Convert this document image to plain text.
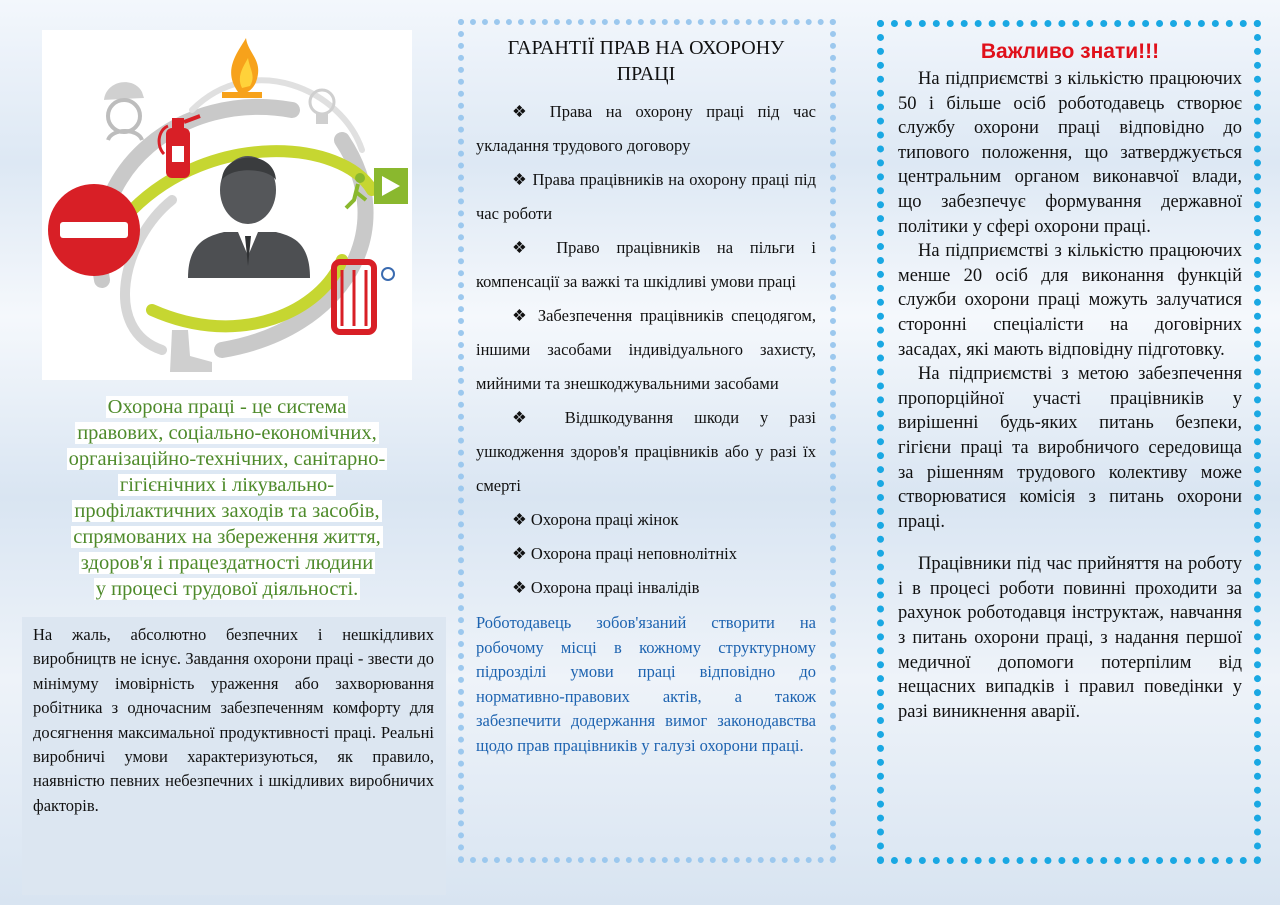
Охорона праці - це система
правових, соціально-економічних,
організаційно-технічних, санітарно-
гігієнічних і лікувально-
профілактичних заходів та засобів,
спрямованих на збереження життя,
здоров'я і працездатності людини
у процесі трудової діяльності.
На жаль, абсолютно безпечних і нешкідливих виробництв не існує. Завдання охорони праці - звести до мінімуму імовірність ураження або захворювання робітника з одночасним забезпеченням комфорту для досягнення максимальної продуктивності праці. Реальні виробничі умови характеризуються, як правило, наявністю певних небезпечних і шкідливих виробничих факторів.
ГАРАНТІЇ ПРАВ НА ОХОРОНУ ПРАЦІ
❖ Права на охорону праці під час укладання трудового договору
❖ Права працівників на охорону праці під час роботи
❖ Право працівників на пільги і компенсації за важкі та шкідливі умови праці
❖ Забезпечення працівників спецодягом, іншими засобами індивідуального захисту, мийними та знешкоджувальними засобами
❖ Відшкодування шкоди у разі ушкодження здоров'я працівників або у разі їх смерті
❖ Охорона праці жінок
❖ Охорона праці неповнолітніх
❖ Охорона праці інвалідів
Роботодавець зобов'язаний створити на робочому місці в кожному структурному підрозділі умови праці відповідно до нормативно-правових актів, а також забезпечити додержання вимог законодавства щодо прав працівників у галузі охорони праці.
Важливо знати!!!

На підприємстві з кількістю працюючих 50 і більше осіб роботодавець створює службу охорони праці відповідно до типового положення, що затверджується центральним органом виконавчої влади, що забезпечує формування державної політики у сфері охорони праці.

На підприємстві з кількістю працюючих менше 20 осіб для виконання функцій служби охорони праці можуть залучатися сторонні спеціалісти на договірних засадах, які мають відповідну підготовку.

На підприємстві з метою забезпечення пропорційної участі працівників у вирішенні будь-яких питань безпеки, гігієни праці та виробничого середовища за рішенням трудового колективу може створюватися комісія з питань охорони праці.

Працівники під час прийняття на роботу і в процесі роботи повинні проходити за рахунок роботодавця інструктаж, навчання з питань охорони праці, з надання першої медичної допомоги потерпілим від нещасних випадків і правил поведінки у разі виникнення аварії.
